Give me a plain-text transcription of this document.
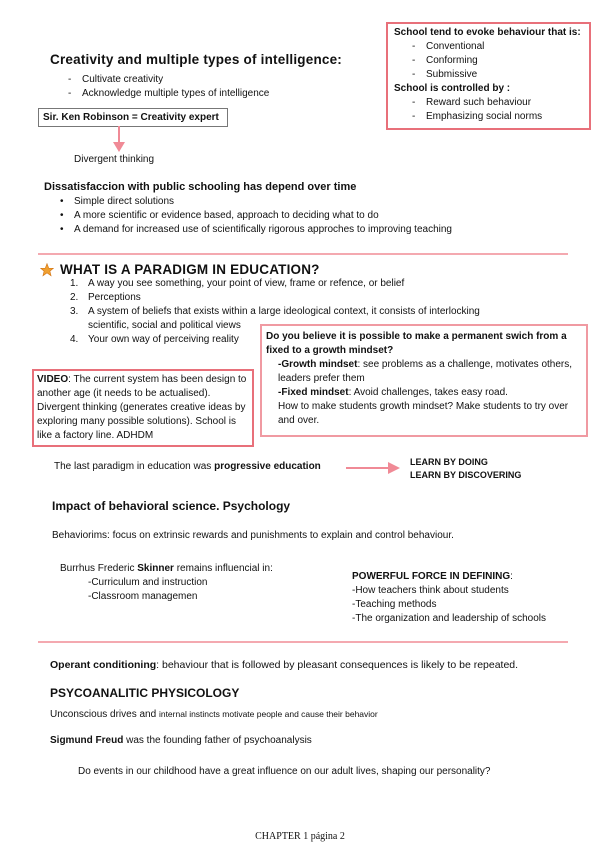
School tend to evoke behaviour that is:
- Conventional
- Conforming
- Submissive
School is controlled by :
- Reward such behaviour
- Emphasizing social norms
Creativity and multiple types of intelligence:
- Cultivate creativity
- Acknowledge multiple types of intelligence
Sir. Ken Robinson = Creativity expert
Divergent thinking
Dissatisfaccion with public schooling has depend over time
• Simple direct solutions
• A more scientific or evidence based, approach to deciding what to do
• A demand for increased use of scientifically rigorous approches to improving teaching
WHAT IS A PARADIGM IN EDUCATION?
1. A way you see something, your point of view, frame or refence, or belief
2. Perceptions
3. A system of beliefs that exists within a large ideological context, it consists of interlocking
scientific, social and political views
4. Your own way of perceiving reality	Do you believe it is possible to make a permanent swich from a fixed to a growth mindset?
-Growth mindset: see problems as a challenge, motivates others, leaders prefer them
-Fixed mindset: Avoid challenges, takes easy road.
How to make students growth mindset? Make students to try over and over.
VIDEO: The current system has been design to another age (it needs to be actualised). Divergent thinking (generates creative ideas by exploring many possible solutions). School is like a factory line. ADHDM
The last paradigm in education was progressive education	LEARN BY DOING
LEARN BY DISCOVERING
Impact of behavioral science. Psychology
Behaviorims: focus on extrinsic rewards and punishments to explain and control behaviour.
Burrhus Frederic Skinner remains influencial in:
-Curriculum and instruction
-Classroom managemen
POWERFUL FORCE IN DEFINING:
-How teachers think about students
-Teaching methods
-The organization and leadership of schools
Operant conditioning: behaviour that is followed by pleasant consequences is likely to be repeated.
PSYCOANALITIC PHYSICOLOGY
Unconscious drives and internal instincts motivate people and cause their behavior
Sigmund Freud was the founding father of psychoanalysis
Do events in our childhood have a great influence on our adult lives, shaping our personality?
CHAPTER 1 página 2
